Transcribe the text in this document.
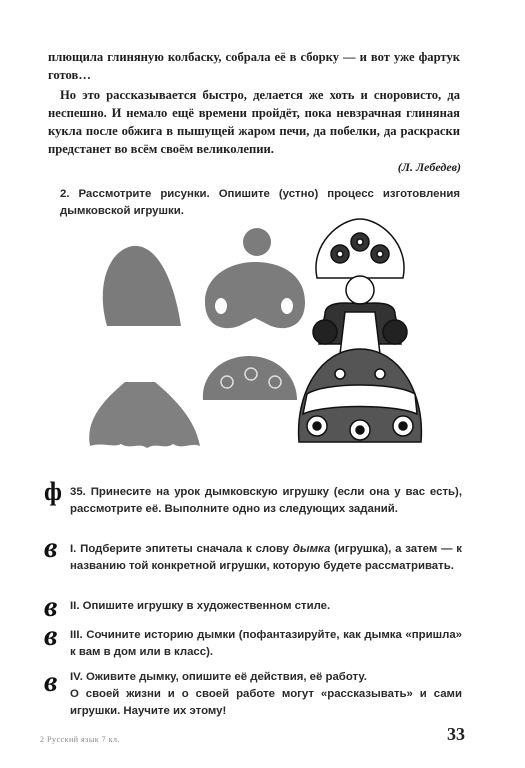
плющила глиняную колбаску, собрала её в сборку — и вот уже фартук готов…
Но это рассказывается быстро, делается же хоть и сноровисто, да неспешно. И немало ещё времени пройдёт, пока невзрачная глиняная кукла после обжига в пышущей жаром печи, да побелки, да раскраски предстанет во всём своём великолепии.
(Л. Лебедев)
2. Рассмотрите рисунки. Опишите (устно) процесс изготовления дымковской игрушки.
ф 35. Принесите на урок дымковскую игрушку (если она у вас есть), рассмотрите её. Выполните одно из следующих заданий.
в I. Подберите эпитеты сначала к слову дымка (игрушка), а затем — к названию той конкретной игрушки, которую будете рассматривать.
в II. Опишите игрушку в художественном стиле.
в III. Сочините историю дымки (пофантазируйте, как дымка «пришла» к вам в дом или в класс).
в IV. Оживите дымку, опишите её действия, её работу.
О своей жизни и о своей работе могут «рассказывать» и сами игрушки. Научите их этому!
2 Русский язык 7 кл.	33
